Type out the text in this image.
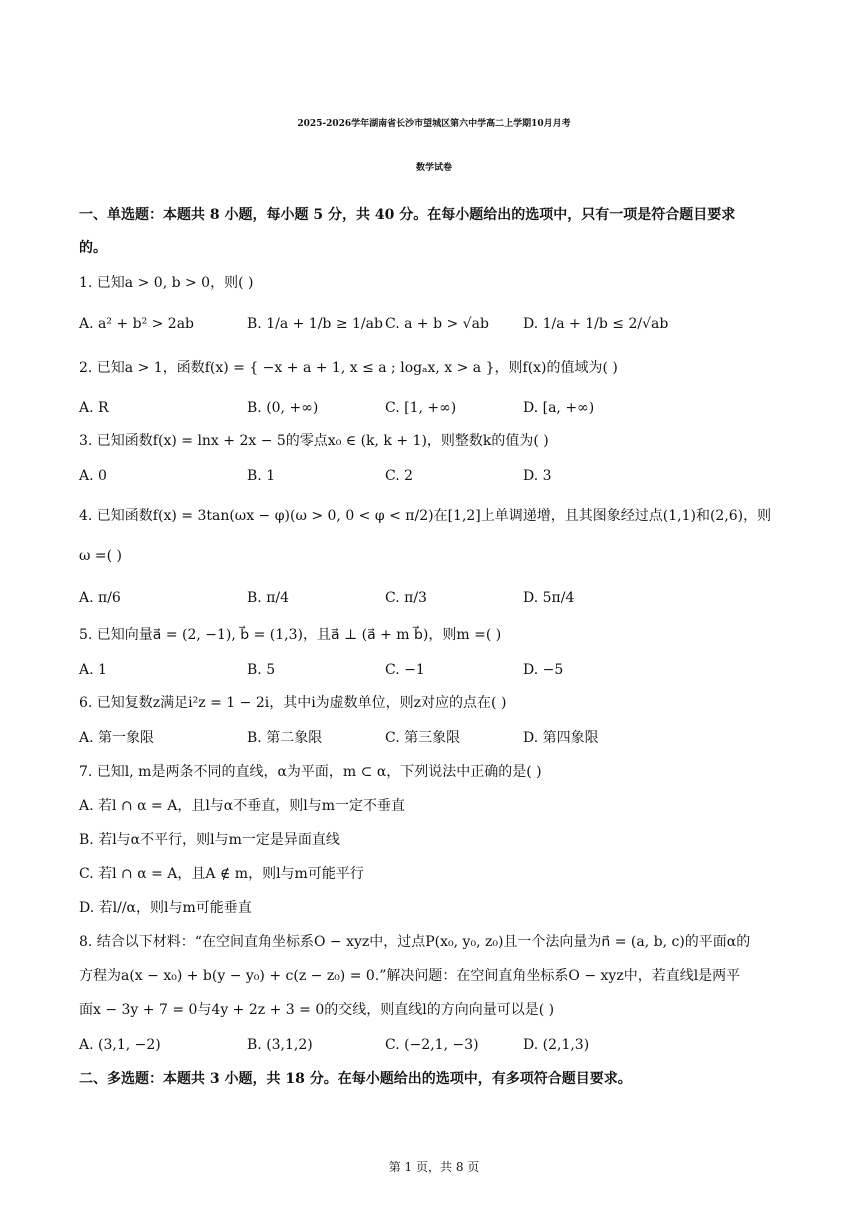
2025-2026学年湖南省长沙市望城区第六中学高二上学期10月月考
数学试卷
一、单选题：本题共 8 小题，每小题 5 分，共 40 分。在每小题给出的选项中，只有一项是符合题目要求
的。
1. 已知a > 0, b > 0，则( )
A. a² + b² > 2ab	B. 1/a + 1/b ≥ 1/ab C. a + b > √ab D. 1/a + 1/b ≤ 2/√ab
2. 已知a > 1，函数f(x) = { −x + a + 1, x ≤ a ; logₐx, x > a }，则f(x)的值域为( )
A. R	B. (0, +∞)	C. [1, +∞)	D. [a, +∞)
3. 已知函数f(x) = lnx + 2x − 5的零点x₀ ∈ (k, k + 1)，则整数k的值为( )
A. 0	B. 1	C. 2	D. 3
4. 已知函数f(x) = 3tan(ωx − φ)(ω > 0, 0 < φ < π/2)在[1,2]上单调递增，且其图象经过点(1,1)和(2,6)，则
ω =( )
A. π/6	B. π/4	C. π/3	D. 5π/4
5. 已知向量a⃗ = (2, −1), b⃗ = (1,3)，且a⃗ ⊥ (a⃗ + m b⃗)，则m =( )
A. 1	B. 5	C. −1	D. −5
6. 已知复数z满足i²z = 1 − 2i，其中i为虚数单位，则z对应的点在( )
A. 第一象限	B. 第二象限	C. 第三象限	D. 第四象限
7. 已知l, m是两条不同的直线，α为平面，m ⊂ α，下列说法中正确的是( )
A. 若l ∩ α = A，且l与α不垂直，则l与m一定不垂直
B. 若l与α不平行，则l与m一定是异面直线
C. 若l ∩ α = A，且A ∉ m，则l与m可能平行
D. 若l//α，则l与m可能垂直
8. 结合以下材料：“在空间直角坐标系O − xyz中，过点P(x₀, y₀, z₀)且一个法向量为n⃗ = (a, b, c)的平面α的
方程为a(x − x₀) + b(y − y₀) + c(z − z₀) = 0.”解决问题：在空间直角坐标系O − xyz中，若直线l是两平
面x − 3y + 7 = 0与4y + 2z + 3 = 0的交线，则直线l的方向向量可以是( )
A. (3,1, −2)	B. (3,1,2)	C. (−2,1, −3)	D. (2,1,3)
二、多选题：本题共 3 小题，共 18 分。在每小题给出的选项中，有多项符合题目要求。
第 1 页，共 8 页
